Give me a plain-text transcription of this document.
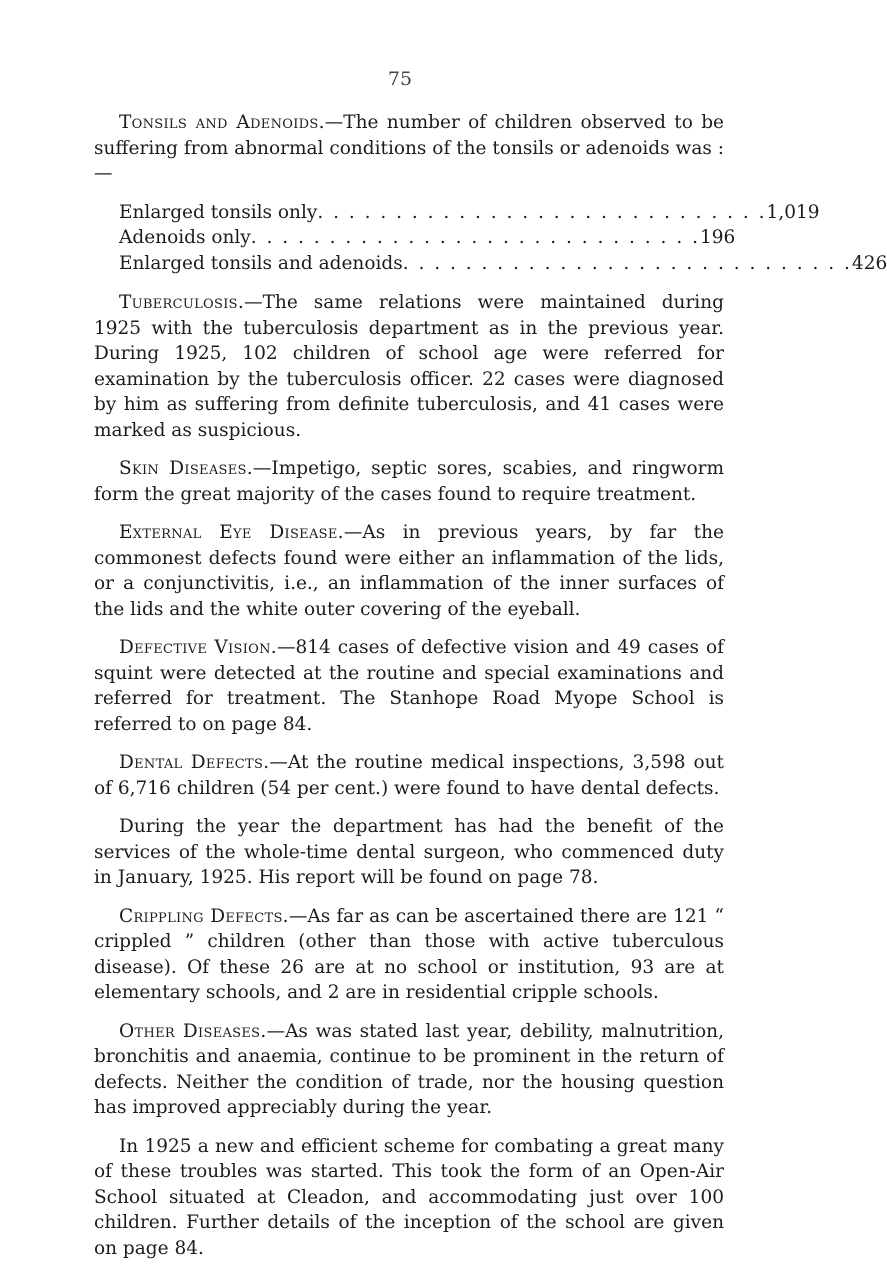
75

Tonsils and Adenoids.—The number of children observed to be suffering from abnormal conditions of the tonsils or adenoids was :—

Enlarged tonsils only . . . . . . . . . . . . . . . . . . . . . . . . . . . . . 1,019
Adenoids only . . . . . . . . . . . . . . . . . . . . . . . . . . . . . 196
Enlarged tonsils and adenoids . . . . . . . . . . . . . . . . . . . . . . . . . . . . . 426

Tuberculosis.—The same relations were maintained during 1925 with the tuberculosis department as in the previous year. During 1925, 102 children of school age were referred for examination by the tuberculosis officer. 22 cases were diagnosed by him as suffering from definite tuberculosis, and 41 cases were marked as suspicious.

Skin Diseases.—Impetigo, septic sores, scabies, and ringworm form the great majority of the cases found to require treatment.

External Eye Disease.—As in previous years, by far the commonest defects found were either an inflammation of the lids, or a conjunctivitis, i.e., an inflammation of the inner surfaces of the lids and the white outer covering of the eyeball.

Defective Vision.—814 cases of defective vision and 49 cases of squint were detected at the routine and special examinations and referred for treatment. The Stanhope Road Myope School is referred to on page 84.

Dental Defects.—At the routine medical inspections, 3,598 out of 6,716 children (54 per cent.) were found to have dental defects.

During the year the department has had the benefit of the services of the whole-time dental surgeon, who commenced duty in January, 1925. His report will be found on page 78.

Crippling Defects.—As far as can be ascertained there are 121 “ crippled ” children (other than those with active tuberculous disease). Of these 26 are at no school or institution, 93 are at elementary schools, and 2 are in residential cripple schools.

Other Diseases.—As was stated last year, debility, malnutrition, bronchitis and anaemia, continue to be prominent in the return of defects. Neither the condition of trade, nor the housing question has improved appreciably during the year.

In 1925 a new and efficient scheme for combating a great many of these troubles was started. This took the form of an Open-Air School situated at Cleadon, and accommodating just over 100 children. Further details of the inception of the school are given on page 84.
